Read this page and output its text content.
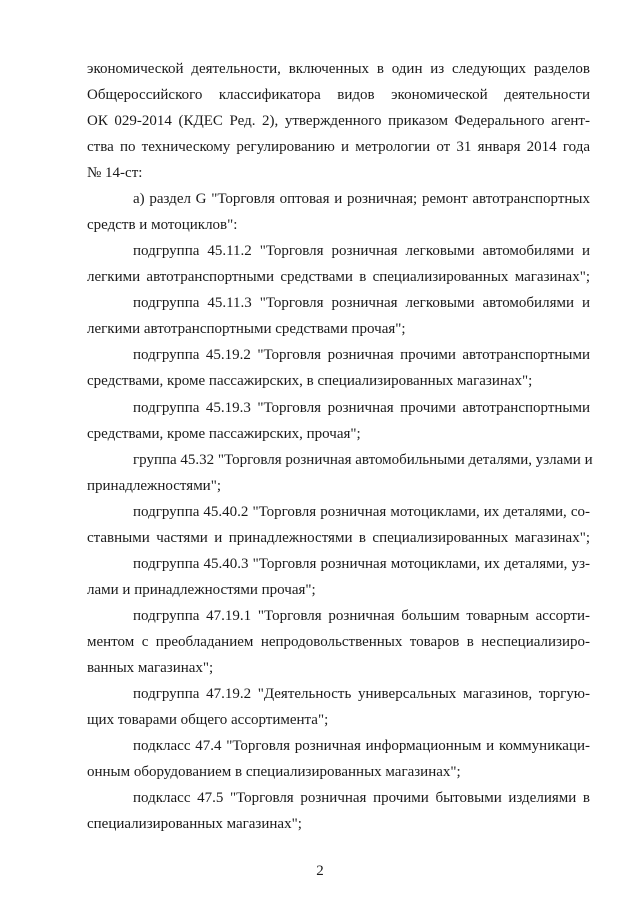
экономической деятельности, включенных в один из следующих разделов
Общероссийского классификатора видов экономической деятельности
ОК 029-2014 (КДЕС Ред. 2), утвержденного приказом Федерального агент-
ства по техническому регулированию и метрологии от 31 января 2014 года
№ 14-ст:
а) раздел G "Торговля оптовая и розничная; ремонт автотранспортных
средств и мотоциклов":
подгруппа 45.11.2 "Торговля розничная легковыми автомобилями и
легкими автотранспортными средствами в специализированных магазинах";
подгруппа 45.11.3 "Торговля розничная легковыми автомобилями и
легкими автотранспортными средствами прочая";
подгруппа 45.19.2 "Торговля розничная прочими автотранспортными
средствами, кроме пассажирских, в специализированных магазинах";
подгруппа 45.19.3 "Торговля розничная прочими автотранспортными
средствами, кроме пассажирских, прочая";
группа 45.32 "Торговля розничная автомобильными деталями, узлами и
принадлежностями";
подгруппа 45.40.2 "Торговля розничная мотоциклами, их деталями, со-
ставными частями и принадлежностями в специализированных магазинах";
подгруппа 45.40.3 "Торговля розничная мотоциклами, их деталями, уз-
лами и принадлежностями прочая";
подгруппа 47.19.1 "Торговля розничная большим товарным ассорти-
ментом с преобладанием непродовольственных товаров в неспециализиро-
ванных магазинах";
подгруппа 47.19.2 "Деятельность универсальных магазинов, торгую-
щих товарами общего ассортимента";
подкласс 47.4 "Торговля розничная информационным и коммуникаци-
онным оборудованием в специализированных магазинах";
подкласс 47.5 "Торговля розничная прочими бытовыми изделиями в
специализированных магазинах";
2
